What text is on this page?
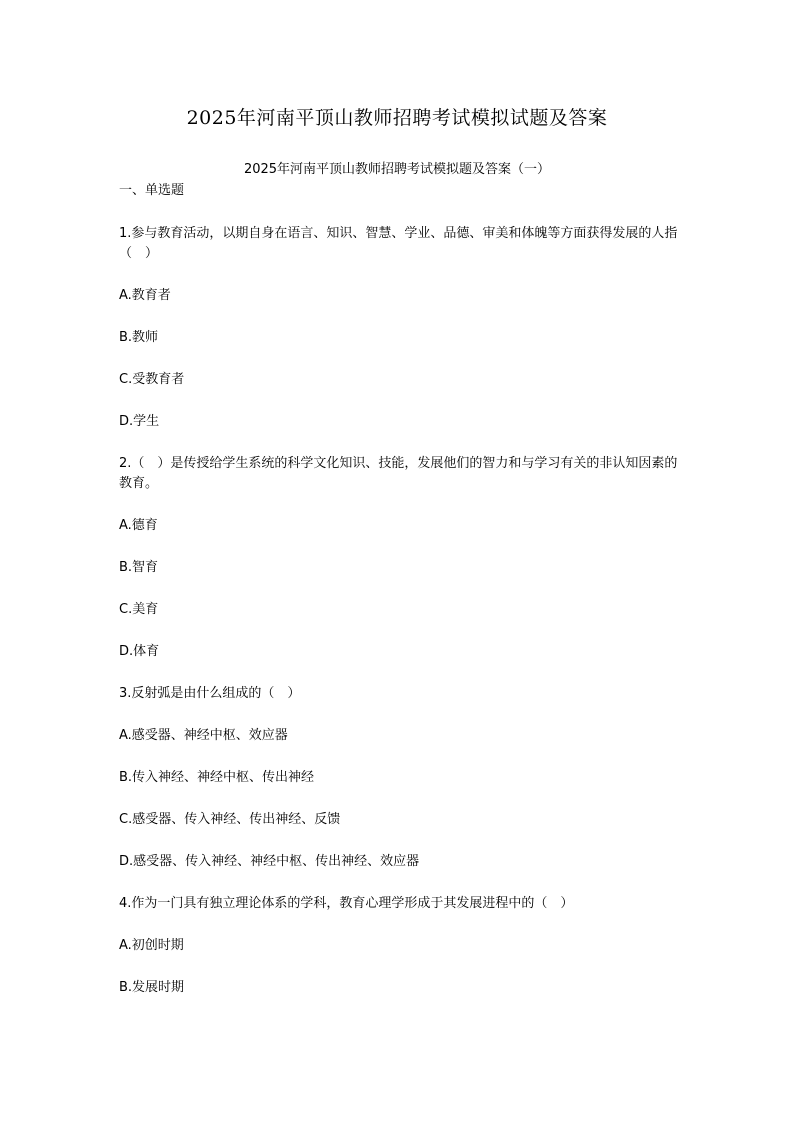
2025年河南平顶山教师招聘考试模拟试题及答案
2025年河南平顶山教师招聘考试模拟题及答案（一）
一、单选题

1.参与教育活动，以期自身在语言、知识、智慧、学业、品德、审美和体魄等方面获得发展的人指（　）

A.教育者

B.教师

C.受教育者

D.学生

2.（　）是传授给学生系统的科学文化知识、技能，发展他们的智力和与学习有关的非认知因素的教育。

A.德育

B.智育

C.美育

D.体育

3.反射弧是由什么组成的（　）

A.感受器、神经中枢、效应器

B.传入神经、神经中枢、传出神经

C.感受器、传入神经、传出神经、反馈

D.感受器、传入神经、神经中枢、传出神经、效应器

4.作为一门具有独立理论体系的学科，教育心理学形成于其发展进程中的（　）

A.初创时期

B.发展时期
